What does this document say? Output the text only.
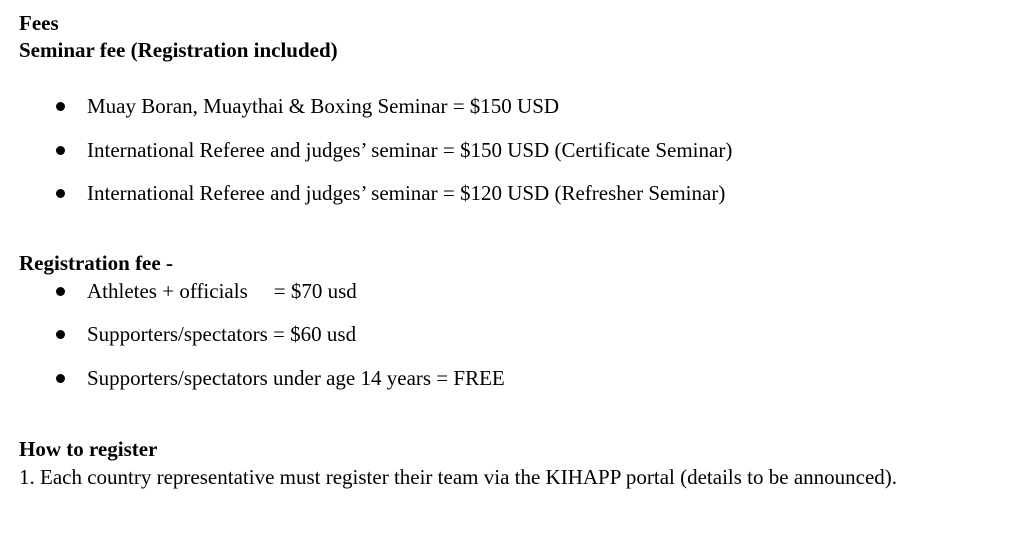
Fees
Seminar fee (Registration included)
Muay Boran, Muaythai & Boxing Seminar = $150 USD
International Referee and judges’ seminar = $150 USD (Certificate Seminar)
International Referee and judges’ seminar = $120 USD (Refresher Seminar)
Registration fee -
Athletes + officials = $70 usd
Supporters/spectators = $60 usd
Supporters/spectators under age 14 years = FREE
How to register
1. Each country representative must register their team via the KIHAPP portal (details to be announced).
